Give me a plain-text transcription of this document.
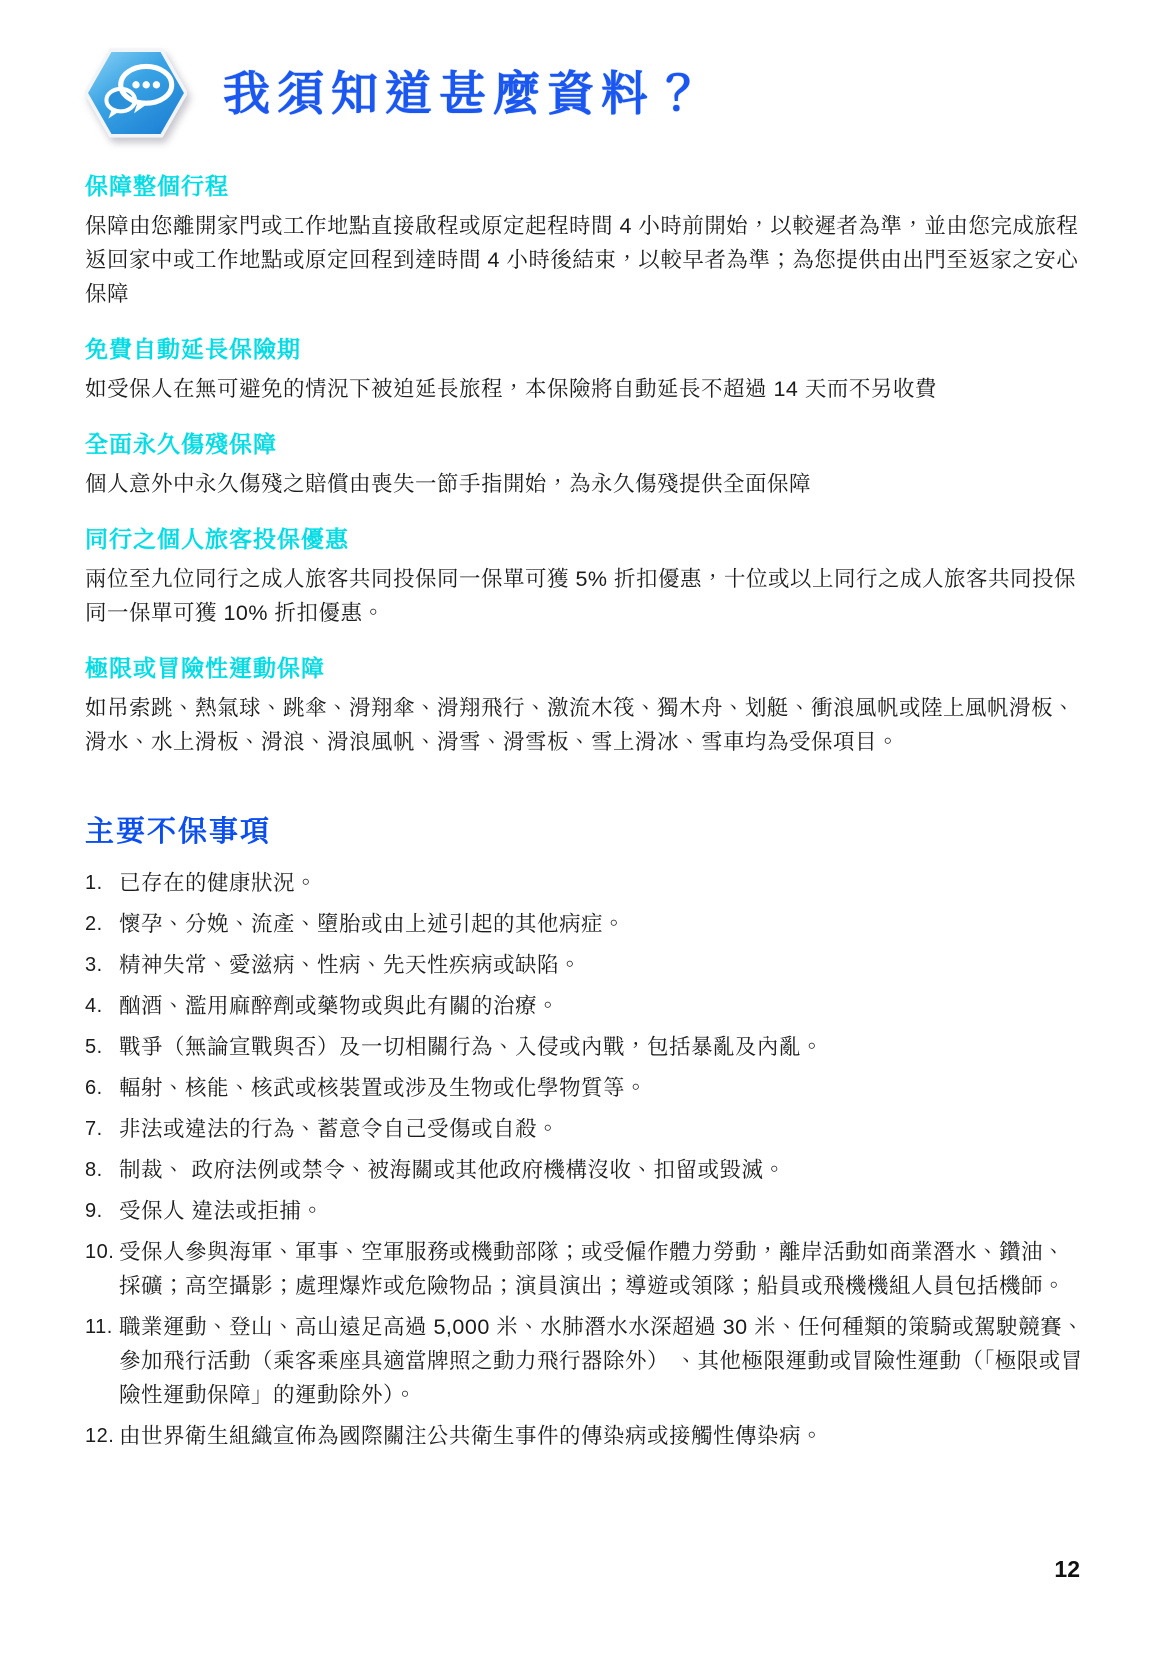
我須知道甚麼資料？
保障整個行程

保障由您離開家門或工作地點直接啟程或原定起程時間 4 小時前開始，以較遲者為準，並由您完成旅程返回家中或工作地點或原定回程到達時間 4 小時後結束，以較早者為準；為您提供由出門至返家之安心保障

免費自動延長保險期

如受保人在無可避免的情況下被迫延長旅程，本保險將自動延長不超過 14 天而不另收費

全面永久傷殘保障

個人意外中永久傷殘之賠償由喪失一節手指開始，為永久傷殘提供全面保障

同行之個人旅客投保優惠

兩位至九位同行之成人旅客共同投保同一保單可獲 5% 折扣優惠，十位或以上同行之成人旅客共同投保同一保單可獲 10% 折扣優惠。

極限或冒險性運動保障

如吊索跳、熱氣球、跳傘、滑翔傘、滑翔飛行、激流木筏、獨木舟、划艇、衝浪風帆或陸上風帆滑板、滑水、水上滑板、滑浪、滑浪風帆、滑雪、滑雪板、雪上滑冰、雪車均為受保項目。

主要不保事項
已存在的健康狀況。
懷孕、分娩、流產、墮胎或由上述引起的其他病症。
精神失常、愛滋病、性病、先天性疾病或缺陷。
酗酒、濫用麻醉劑或藥物或與此有關的治療。
戰爭（無論宣戰與否）及一切相關行為、入侵或內戰，包括暴亂及內亂。
輻射、核能、核武或核裝置或涉及生物或化學物質等。
非法或違法的行為、蓄意令自己受傷或自殺。
制裁、 政府法例或禁令、被海關或其他政府機構沒收、扣留或毀滅。
受保人 違法或拒捕。
受保人參與海軍、軍事、空軍服務或機動部隊；或受僱作體力勞動，離岸活動如商業潛水、鑽油、採礦；高空攝影；處理爆炸或危險物品；演員演出；導遊或領隊；船員或飛機機組人員包括機師。
職業運動、登山、高山遠足高過 5,000 米、水肺潛水水深超過 30 米、任何種類的策騎或駕駛競賽、參加飛行活動（乘客乘座具適當牌照之動力飛行器除外） 、其他極限運動或冒險性運動（「極限或冒險性運動保障」的運動除外）。
由世界衛生組織宣佈為國際關注公共衛生事件的傳染病或接觸性傳染病。
12
